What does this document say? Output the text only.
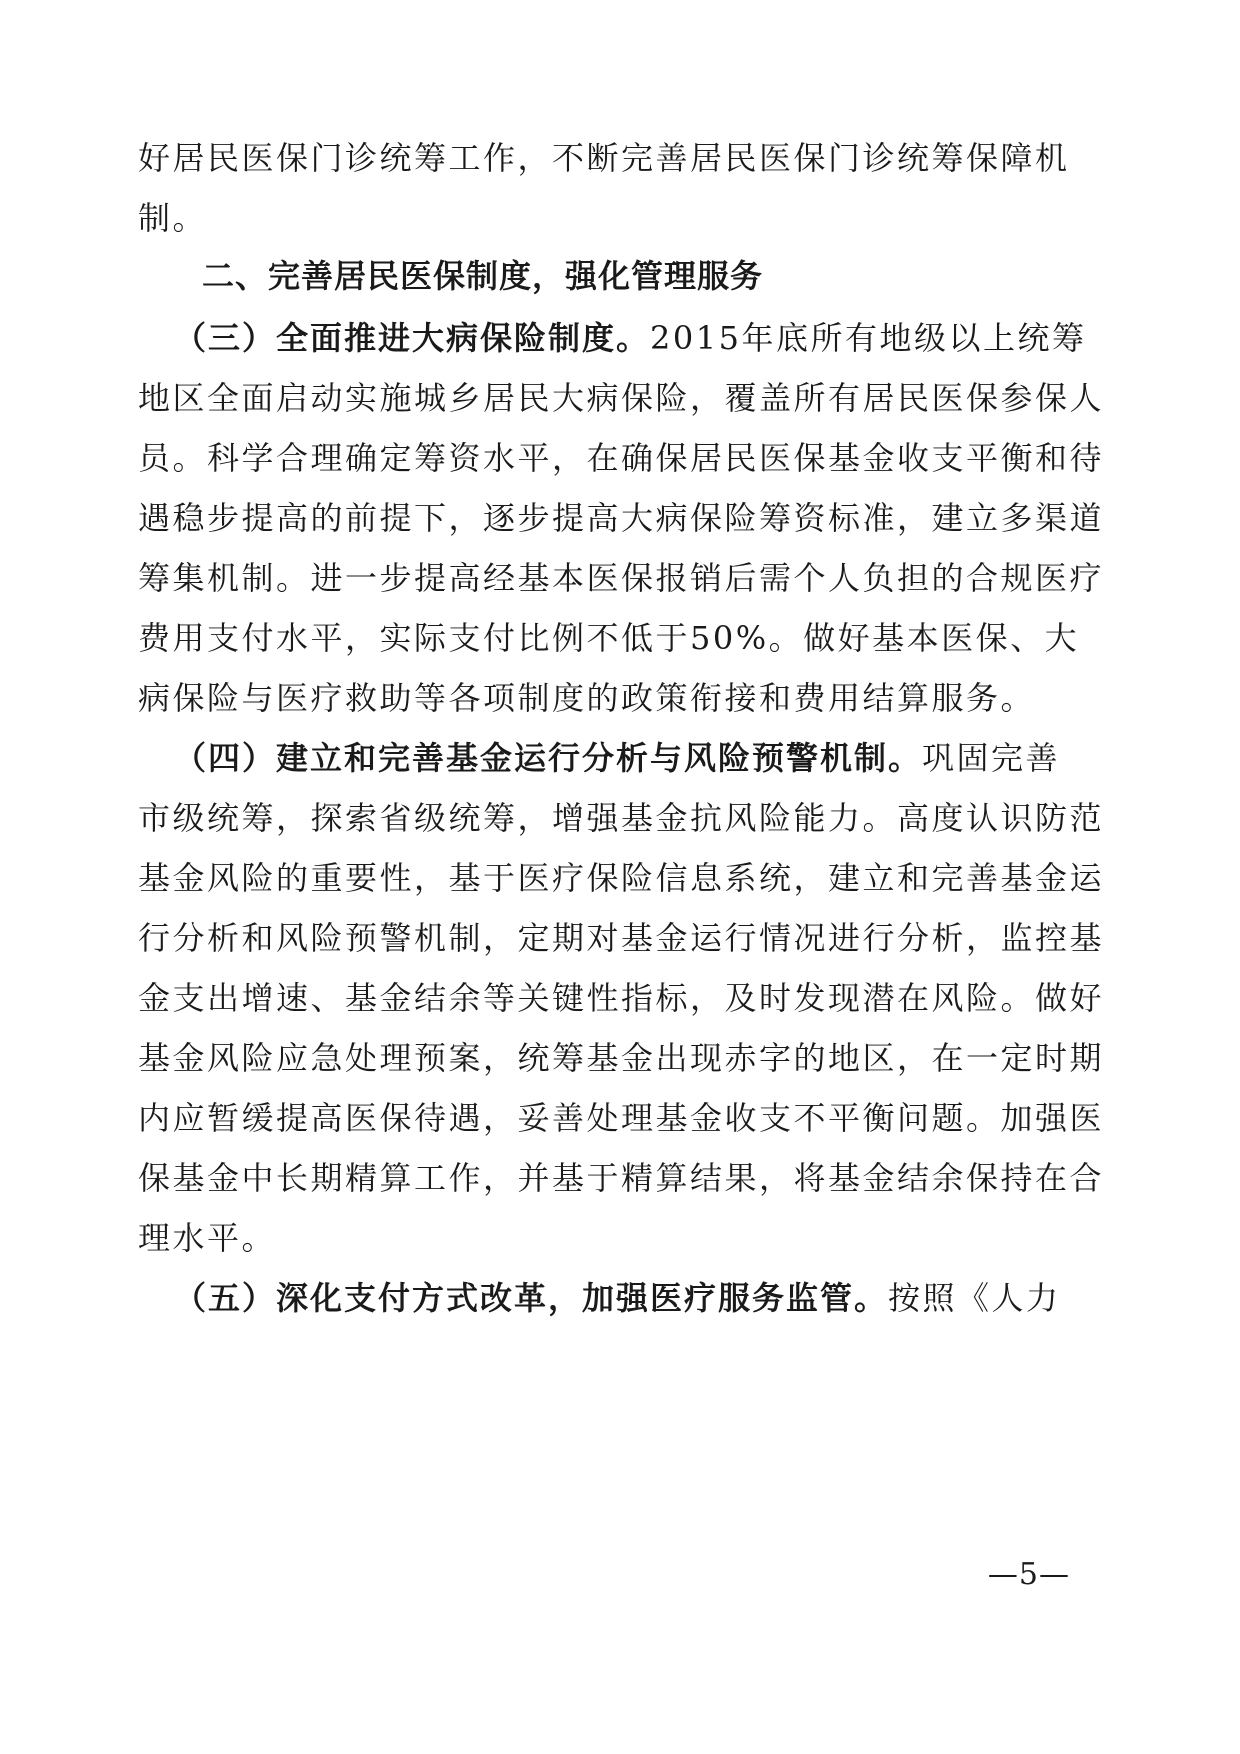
好居民医保门诊统筹工作，不断完善居民医保门诊统筹保障机
制。
二、完善居民医保制度，强化管理服务
（三）全面推进大病保险制度。2015年底所有地级以上统筹
地区全面启动实施城乡居民大病保险，覆盖所有居民医保参保人
员。科学合理确定筹资水平，在确保居民医保基金收支平衡和待
遇稳步提高的前提下，逐步提高大病保险筹资标准，建立多渠道
筹集机制。进一步提高经基本医保报销后需个人负担的合规医疗
费用支付水平，实际支付比例不低于50%。做好基本医保、大
病保险与医疗救助等各项制度的政策衔接和费用结算服务。
（四）建立和完善基金运行分析与风险预警机制。巩固完善
市级统筹，探索省级统筹，增强基金抗风险能力。高度认识防范
基金风险的重要性，基于医疗保险信息系统，建立和完善基金运
行分析和风险预警机制，定期对基金运行情况进行分析，监控基
金支出增速、基金结余等关键性指标，及时发现潜在风险。做好
基金风险应急处理预案，统筹基金出现赤字的地区，在一定时期
内应暂缓提高医保待遇，妥善处理基金收支不平衡问题。加强医
保基金中长期精算工作，并基于精算结果，将基金结余保持在合
理水平。
（五）深化支付方式改革，加强医疗服务监管。按照《人力
—5—
